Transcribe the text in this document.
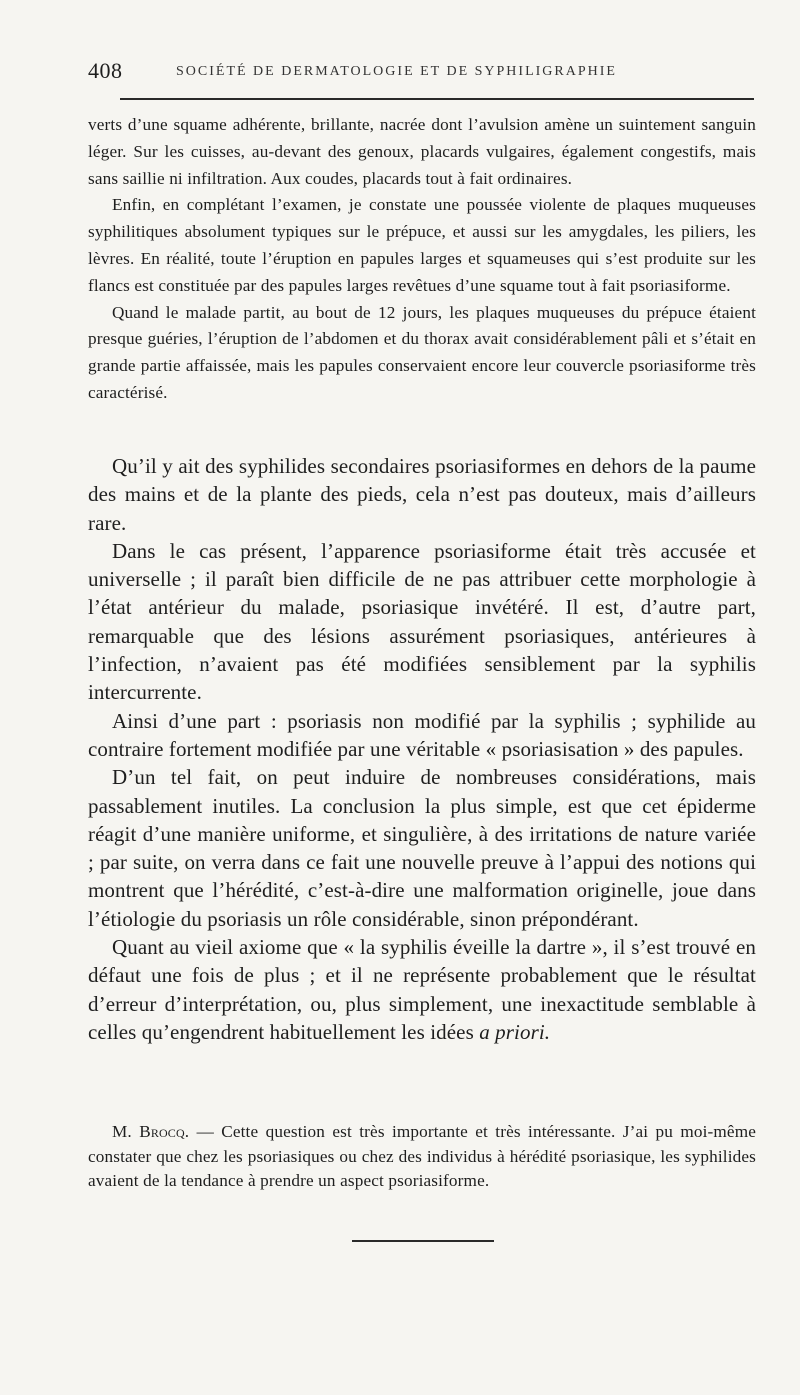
408	SOCIÉTÉ DE DERMATOLOGIE ET DE SYPHILIGRAPHIE

verts d’une squame adhérente, brillante, nacrée dont l’avulsion amène un suintement sanguin léger. Sur les cuisses, au-devant des genoux, placards vulgaires, également congestifs, mais sans saillie ni infiltration. Aux coudes, placards tout à fait ordinaires.

Enfin, en complétant l’examen, je constate une poussée violente de plaques muqueuses syphilitiques absolument typiques sur le prépuce, et aussi sur les amygdales, les piliers, les lèvres. En réalité, toute l’éruption en papules larges et squameuses qui s’est produite sur les flancs est constituée par des papules larges revêtues d’une squame tout à fait psoriasiforme.

Quand le malade partit, au bout de 12 jours, les plaques muqueuses du prépuce étaient presque guéries, l’éruption de l’abdomen et du thorax avait considérablement pâli et s’était en grande partie affaissée, mais les papules conservaient encore leur couvercle psoriasiforme très caractérisé.

Qu’il y ait des syphilides secondaires psoriasiformes en dehors de la paume des mains et de la plante des pieds, cela n’est pas douteux, mais d’ailleurs rare.

Dans le cas présent, l’apparence psoriasiforme était très accusée et universelle ; il paraît bien difficile de ne pas attribuer cette morphologie à l’état antérieur du malade, psoriasique invétéré. Il est, d’autre part, remarquable que des lésions assurément psoriasiques, antérieures à l’infection, n’avaient pas été modifiées sensiblement par la syphilis intercurrente.

Ainsi d’une part : psoriasis non modifié par la syphilis ; syphilide au contraire fortement modifiée par une véritable « psoriasisation » des papules.

D’un tel fait, on peut induire de nombreuses considérations, mais passablement inutiles. La conclusion la plus simple, est que cet épiderme réagit d’une manière uniforme, et singulière, à des irritations de nature variée ; par suite, on verra dans ce fait une nouvelle preuve à l’appui des notions qui montrent que l’hérédité, c’est-à-dire une malformation originelle, joue dans l’étiologie du psoriasis un rôle considérable, sinon prépondérant.

Quant au vieil axiome que « la syphilis éveille la dartre », il s’est trouvé en défaut une fois de plus ; et il ne représente probablement que le résultat d’erreur d’interprétation, ou, plus simplement, une inexactitude semblable à celles qu’engendrent habituellement les idées a priori.

M. Brocq. — Cette question est très importante et très intéressante. J’ai pu moi-même constater que chez les psoriasiques ou chez des individus à hérédité psoriasique, les syphilides avaient de la tendance à prendre un aspect psoriasiforme.
